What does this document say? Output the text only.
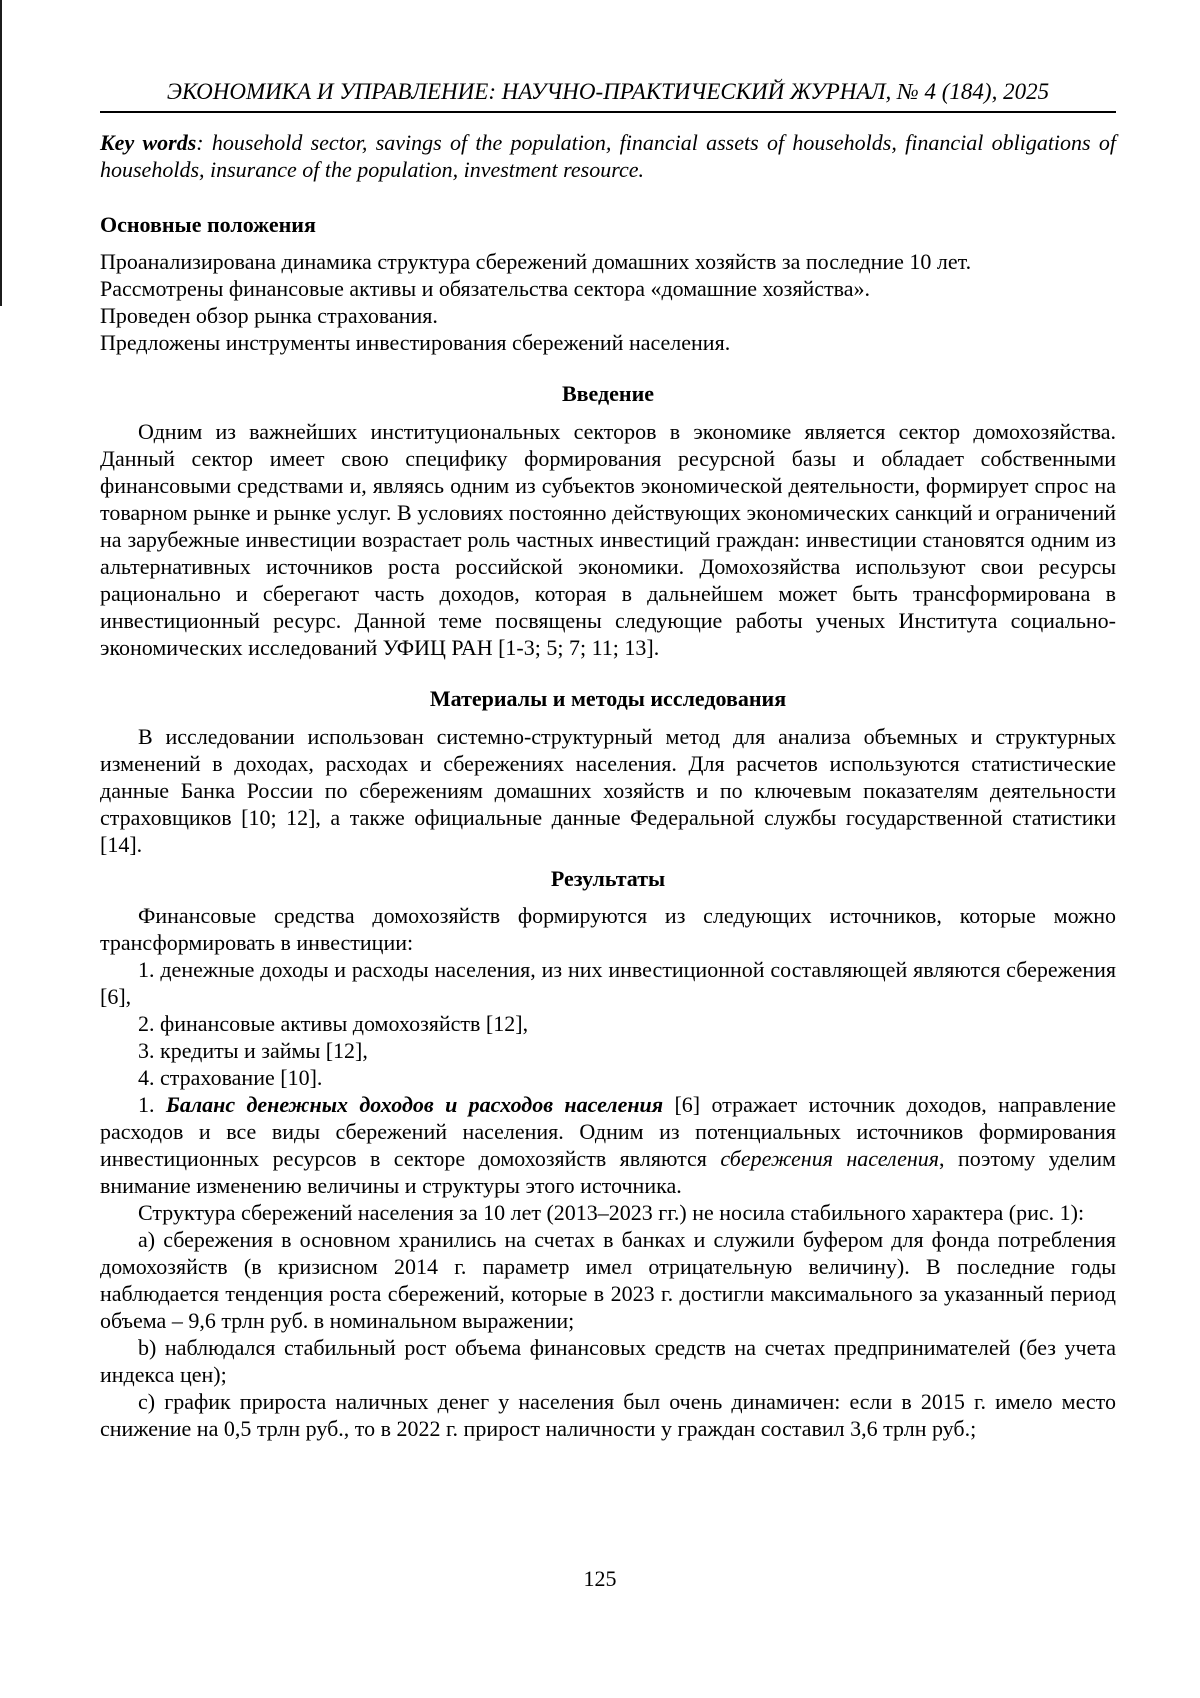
ЭКОНОМИКА И УПРАВЛЕНИЕ: НАУЧНО-ПРАКТИЧЕСКИЙ ЖУРНАЛ, № 4 (184), 2025

Key words: household sector, savings of the population, financial assets of households, financial obligations of households, insurance of the population, investment resource.

Основные положения
Проанализирована динамика структура сбережений домашних хозяйств за последние 10 лет.
Рассмотрены финансовые активы и обязательства сектора «домашние хозяйства».
Проведен обзор рынка страхования.
Предложены инструменты инвестирования сбережений населения.
Введение

Одним из важнейших институциональных секторов в экономике является сектор домохозяйства. Данный сектор имеет свою специфику формирования ресурсной базы и обладает собственными финансовыми средствами и, являясь одним из субъектов экономической деятельности, формирует спрос на товарном рынке и рынке услуг. В условиях постоянно действующих экономических санкций и ограничений на зарубежные инвестиции возрастает роль частных инвестиций граждан: инвестиции становятся одним из альтернативных источников роста российской экономики. Домохозяйства используют свои ресурсы рационально и сберегают часть доходов, которая в дальнейшем может быть трансформирована в инвестиционный ресурс. Данной теме посвящены следующие работы ученых Института социально-экономических исследований УФИЦ РАН [1-3; 5; 7; 11; 13].

Материалы и методы исследования

В исследовании использован системно-структурный метод для анализа объемных и структурных изменений в доходах, расходах и сбережениях населения. Для расчетов используются статистические данные Банка России по сбережениям домашних хозяйств и по ключевым показателям деятельности страховщиков [10; 12], а также официальные данные Федеральной службы государственной статистики [14].

Результаты

Финансовые средства домохозяйств формируются из следующих источников, которые можно трансформировать в инвестиции:

1. денежные доходы и расходы населения, из них инвестиционной составляющей являются сбережения [6],

2. финансовые активы домохозяйств [12],

3. кредиты и займы [12],

4. страхование [10].

1. Баланс денежных доходов и расходов населения [6] отражает источник доходов, направление расходов и все виды сбережений населения. Одним из потенциальных источников формирования инвестиционных ресурсов в секторе домохозяйств являются сбережения населения, поэтому уделим внимание изменению величины и структуры этого источника.

Структура сбережений населения за 10 лет (2013–2023 гг.) не носила стабильного характера (рис. 1):

a) сбережения в основном хранились на счетах в банках и служили буфером для фонда потребления домохозяйств (в кризисном 2014 г. параметр имел отрицательную величину). В последние годы наблюдается тенденция роста сбережений, которые в 2023 г. достигли максимального за указанный период объема – 9,6 трлн руб. в номинальном выражении;

b) наблюдался стабильный рост объема финансовых средств на счетах предпринимателей (без учета индекса цен);

c) график прироста наличных денег у населения был очень динамичен: если в 2015 г. имело место снижение на 0,5 трлн руб., то в 2022 г. прирост наличности у граждан составил 3,6 трлн руб.;

125
